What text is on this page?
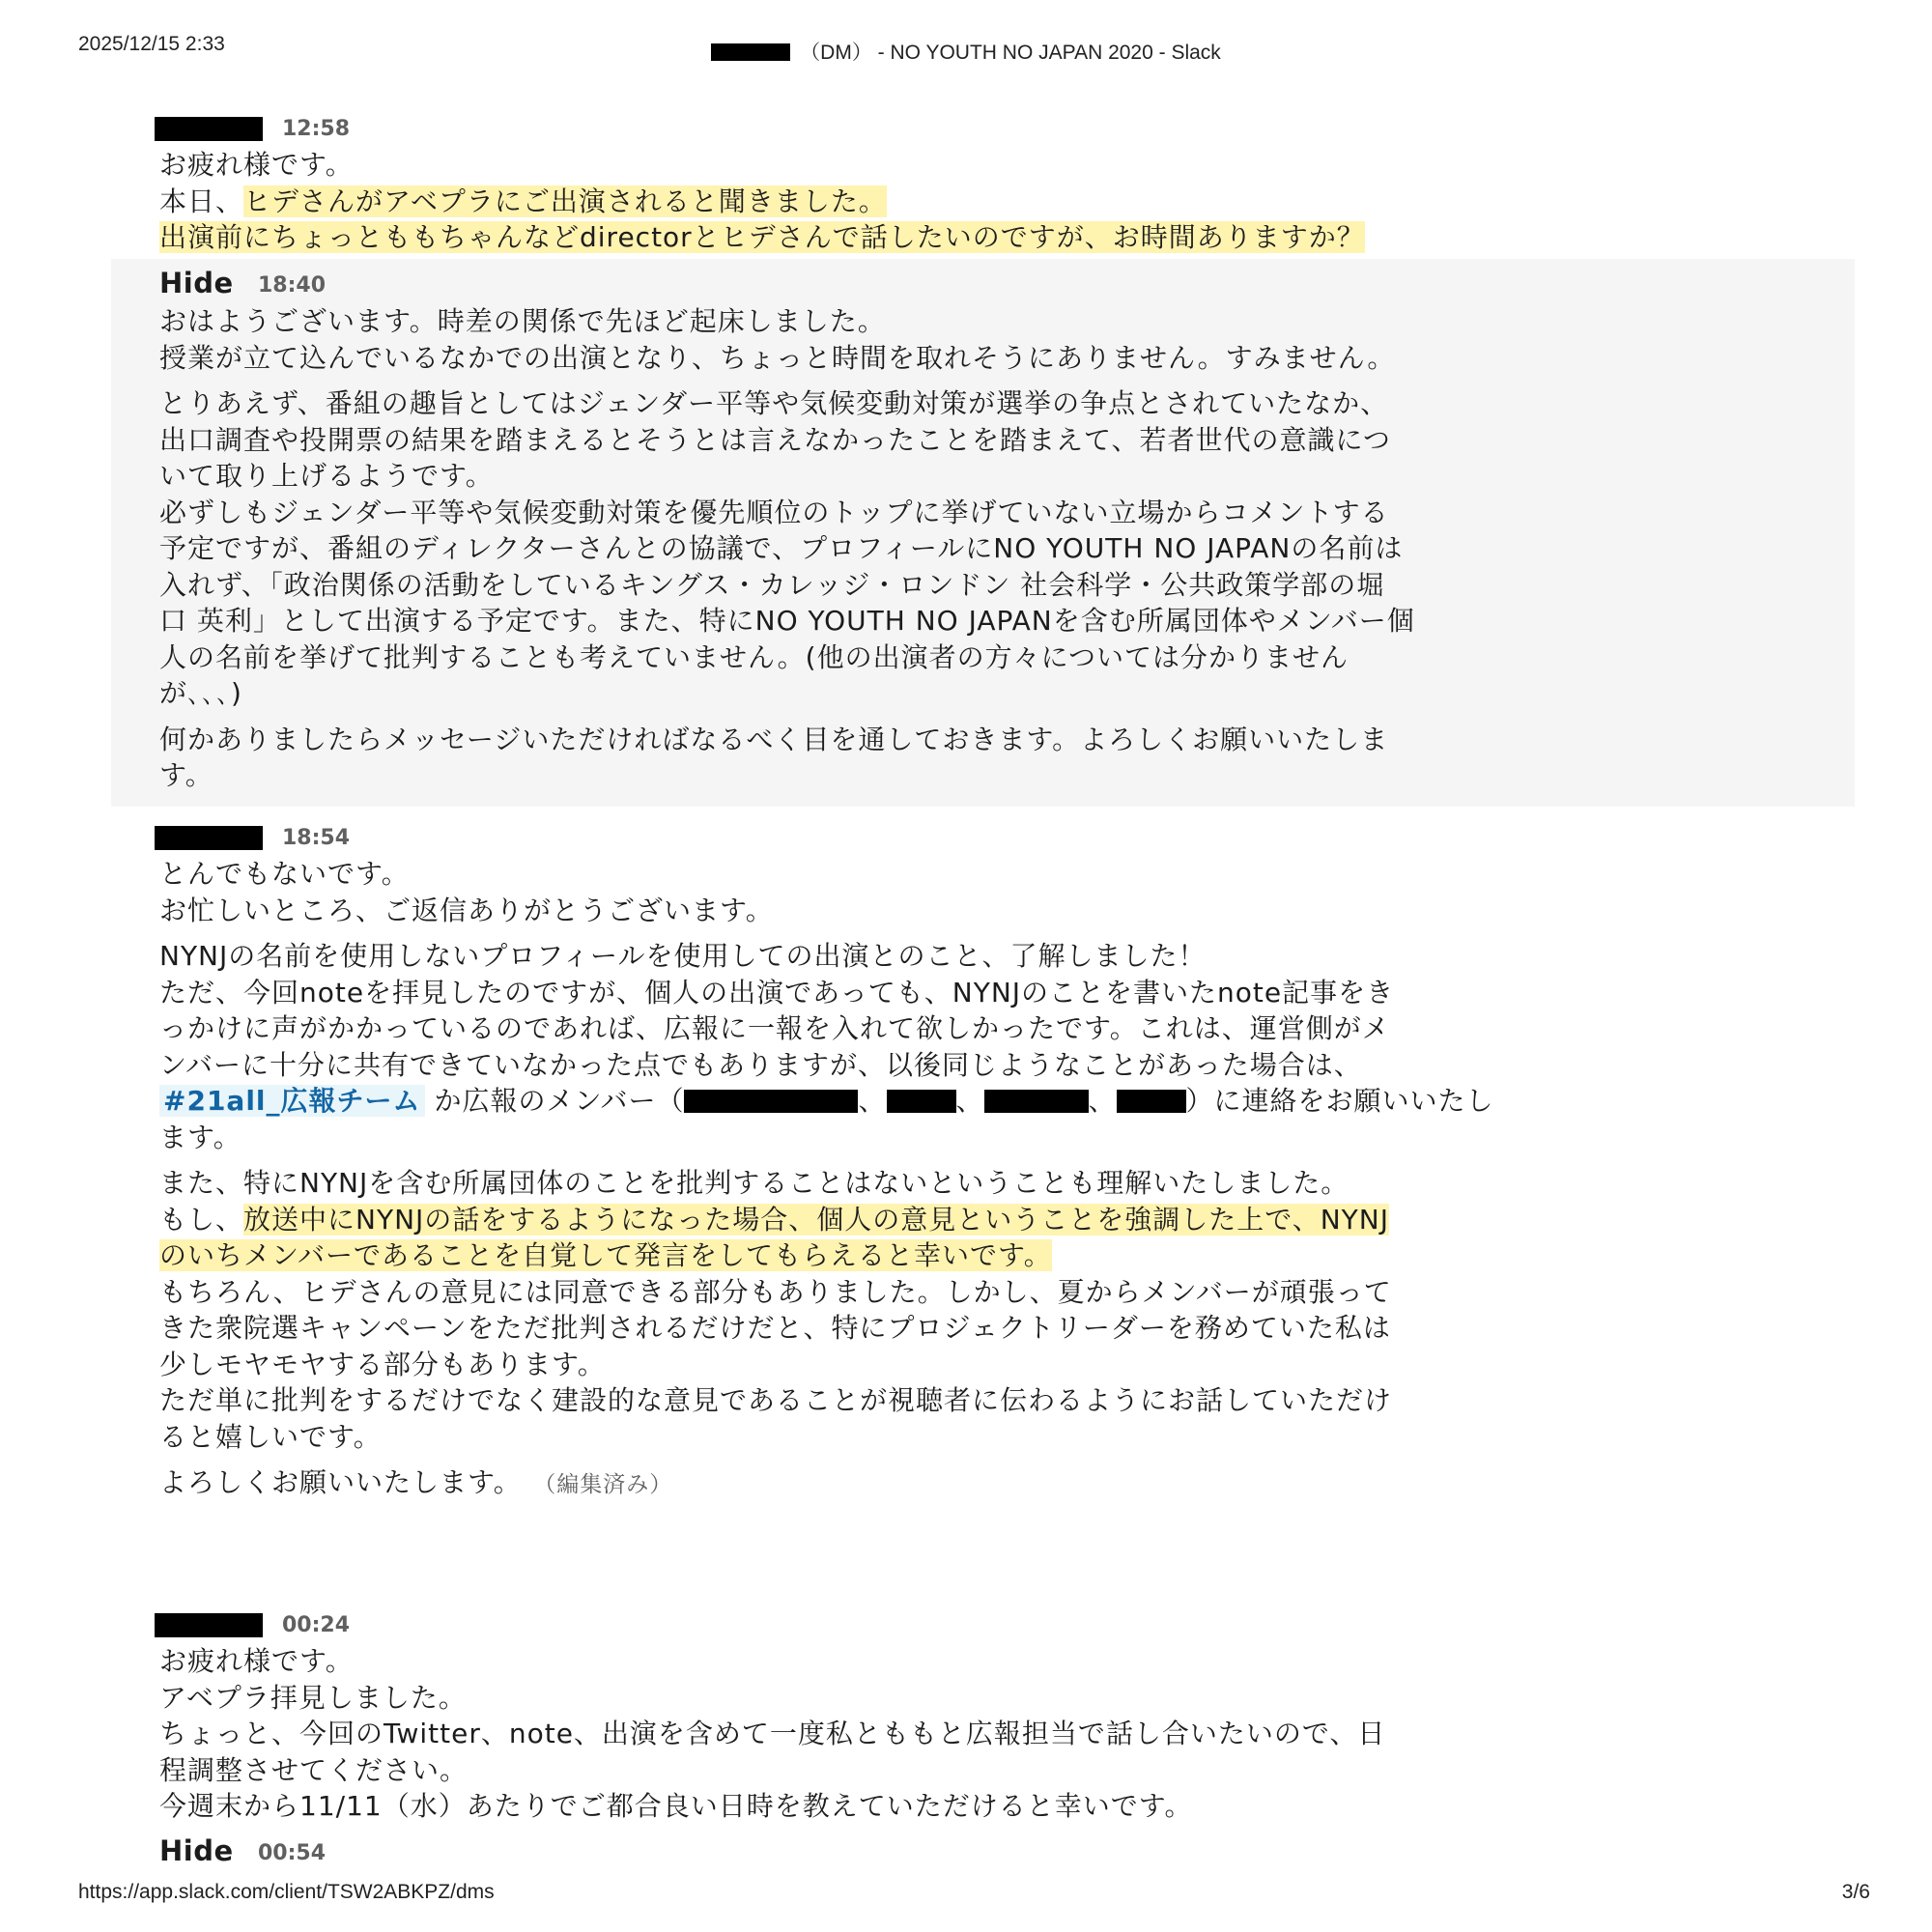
2025/12/15 2:33	（DM） - NO YOUTH NO JAPAN 2020 - Slack
12:58
お疲れ様です。
本日、ヒデさんがアベプラにご出演されると聞きました。
出演前にちょっとももちゃんなどdirectorとヒデさんで話したいのですが、お時間ありますか？
Hide 18:40
おはようございます。時差の関係で先ほど起床しました。
授業が立て込んでいるなかでの出演となり、ちょっと時間を取れそうにありません。すみません。
とりあえず、番組の趣旨としてはジェンダー平等や気候変動対策が選挙の争点とされていたなか、
出口調査や投開票の結果を踏まえるとそうとは言えなかったことを踏まえて、若者世代の意識につ
いて取り上げるようです。
必ずしもジェンダー平等や気候変動対策を優先順位のトップに挙げていない立場からコメントする
予定ですが、番組のディレクターさんとの協議で、プロフィールにNO YOUTH NO JAPANの名前は
入れず、「政治関係の活動をしているキングス・カレッジ・ロンドン 社会科学・公共政策学部の堀
口 英利」として出演する予定です。また、特にNO YOUTH NO JAPANを含む所属団体やメンバー個
人の名前を挙げて批判することも考えていません。(他の出演者の方々については分かりません
が､､､)
何かありましたらメッセージいただければなるべく目を通しておきます。よろしくお願いいたしま
す。
18:54
とんでもないです。
お忙しいところ、ご返信ありがとうございます。
NYNJの名前を使用しないプロフィールを使用しての出演とのこと、了解しました！
ただ、今回noteを拝見したのですが、個人の出演であっても、NYNJのことを書いたnote記事をき
っかけに声がかかっているのであれば、広報に一報を入れて欲しかったです。これは、運営側がメ
ンバーに十分に共有できていなかった点でもありますが、以後同じようなことがあった場合は、
#21all_広報チーム か広報のメンバー（	、	、	、	）に連絡をお願いいたし
ます。
また、特にNYNJを含む所属団体のことを批判することはないということも理解いたしました。
もし、放送中にNYNJの話をするようになった場合、個人の意見ということを強調した上で、NYNJ
のいちメンバーであることを自覚して発言をしてもらえると幸いです。
もちろん、ヒデさんの意見には同意できる部分もありました。しかし、夏からメンバーが頑張って
きた衆院選キャンペーンをただ批判されるだけだと、特にプロジェクトリーダーを務めていた私は
少しモヤモヤする部分もあります。
ただ単に批判をするだけでなく建設的な意見であることが視聴者に伝わるようにお話していただけ
ると嬉しいです。
よろしくお願いいたします。 （編集済み）
00:24
お疲れ様です。
アベプラ拝見しました。
ちょっと、今回のTwitter、note、出演を含めて一度私とももと広報担当で話し合いたいので、日
程調整させてください。
今週末から11/11（水）あたりでご都合良い日時を教えていただけると幸いです。
Hide 00:54
https://app.slack.com/client/TSW2ABKPZ/dms	3/6
